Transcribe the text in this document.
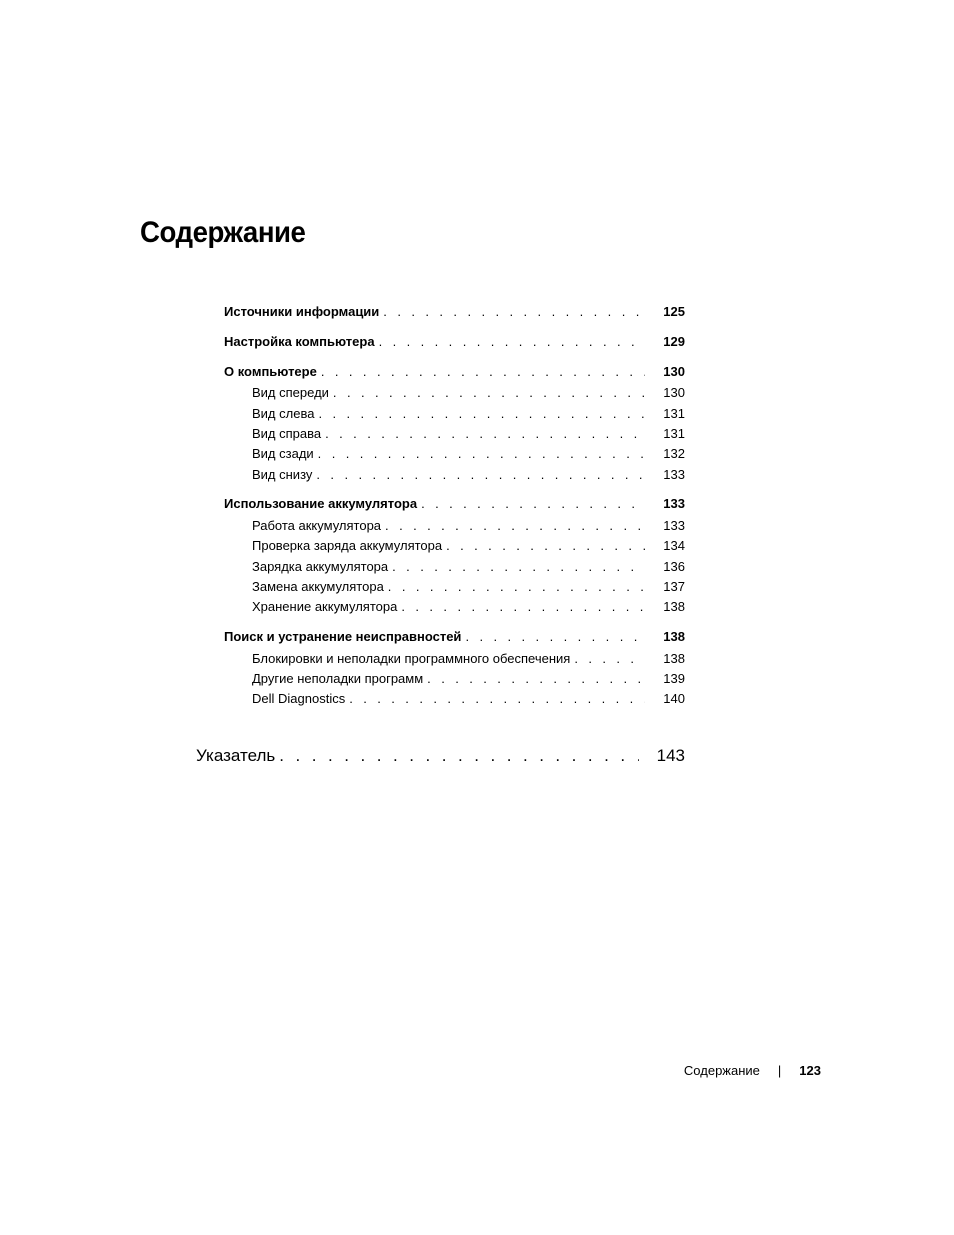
Содержание
Источники информации . . .	125
Настройка компьютера . . .	129
О компьютере . . .	130
Вид спереди . . .	130
Вид слева . . .	131
Вид справа . . .	131
Вид сзади . . .	132
Вид снизу . . .	133
Использование аккумулятора . . .	133
Работа аккумулятора . . .	133
Проверка заряда аккумулятора . . .	134
Зарядка аккумулятора . . .	136
Замена аккумулятора . . .	137
Хранение аккумулятора . . .	138
Поиск и устранение неисправностей . . .	138
Блокировки и неполадки программного обеспечения . . .	138
Другие неполадки программ . . .	139
Dell Diagnostics . . .	140
Указатель . . .	143
Содержание | 123
